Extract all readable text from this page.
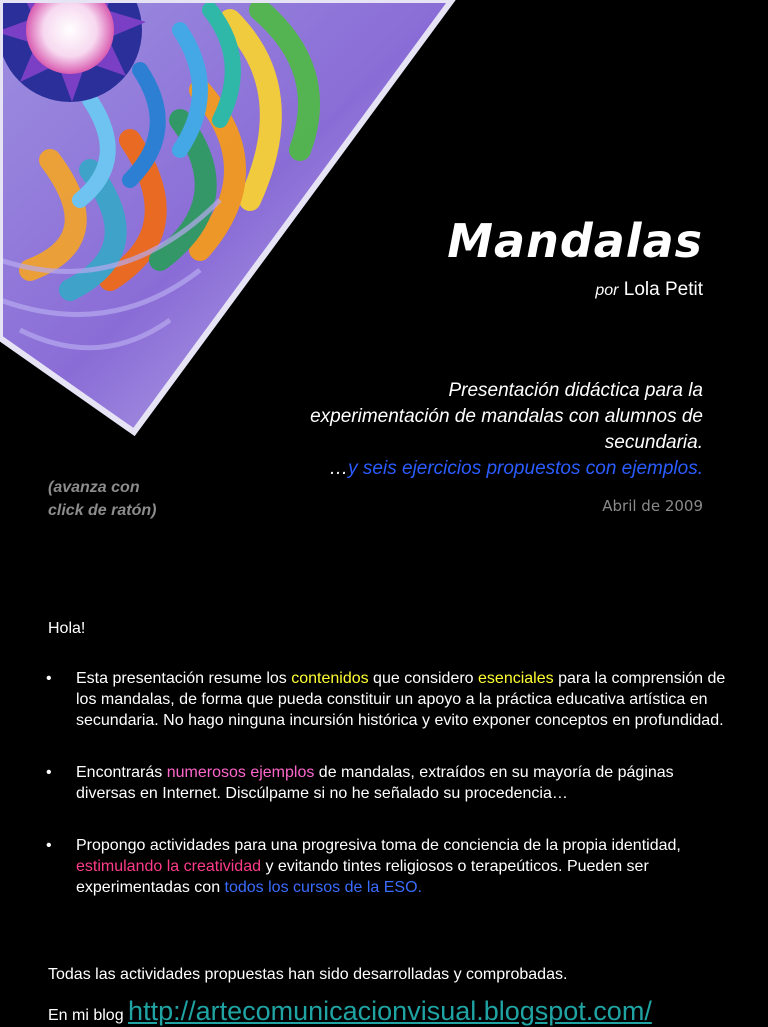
Mandalas
por Lola Petit
Presentación didáctica para la
experimentación de mandalas con alumnos de secundaria.
…y seis ejercicios propuestos con ejemplos.
Abril de 2009
(avanza con click de ratón)
Hola!
• Esta presentación resume los contenidos que considero esenciales para la comprensión de los mandalas, de forma que pueda constituir un apoyo a la práctica educativa artística en secundaria. No hago ninguna incursión histórica y evito exponer conceptos en profundidad.
• Encontrarás numerosos ejemplos de mandalas, extraídos en su mayoría de páginas diversas en Internet. Discúlpame si no he señalado su procedencia…
• Propongo actividades para una progresiva toma de conciencia de la propia identidad, estimulando la creatividad y evitando tintes religiosos o terapeúticos. Pueden ser experimentadas con todos los cursos de la ESO.
Todas las actividades propuestas han sido desarrolladas y comprobadas.
En mi blog http://artecomunicacionvisual.blogspot.com/
